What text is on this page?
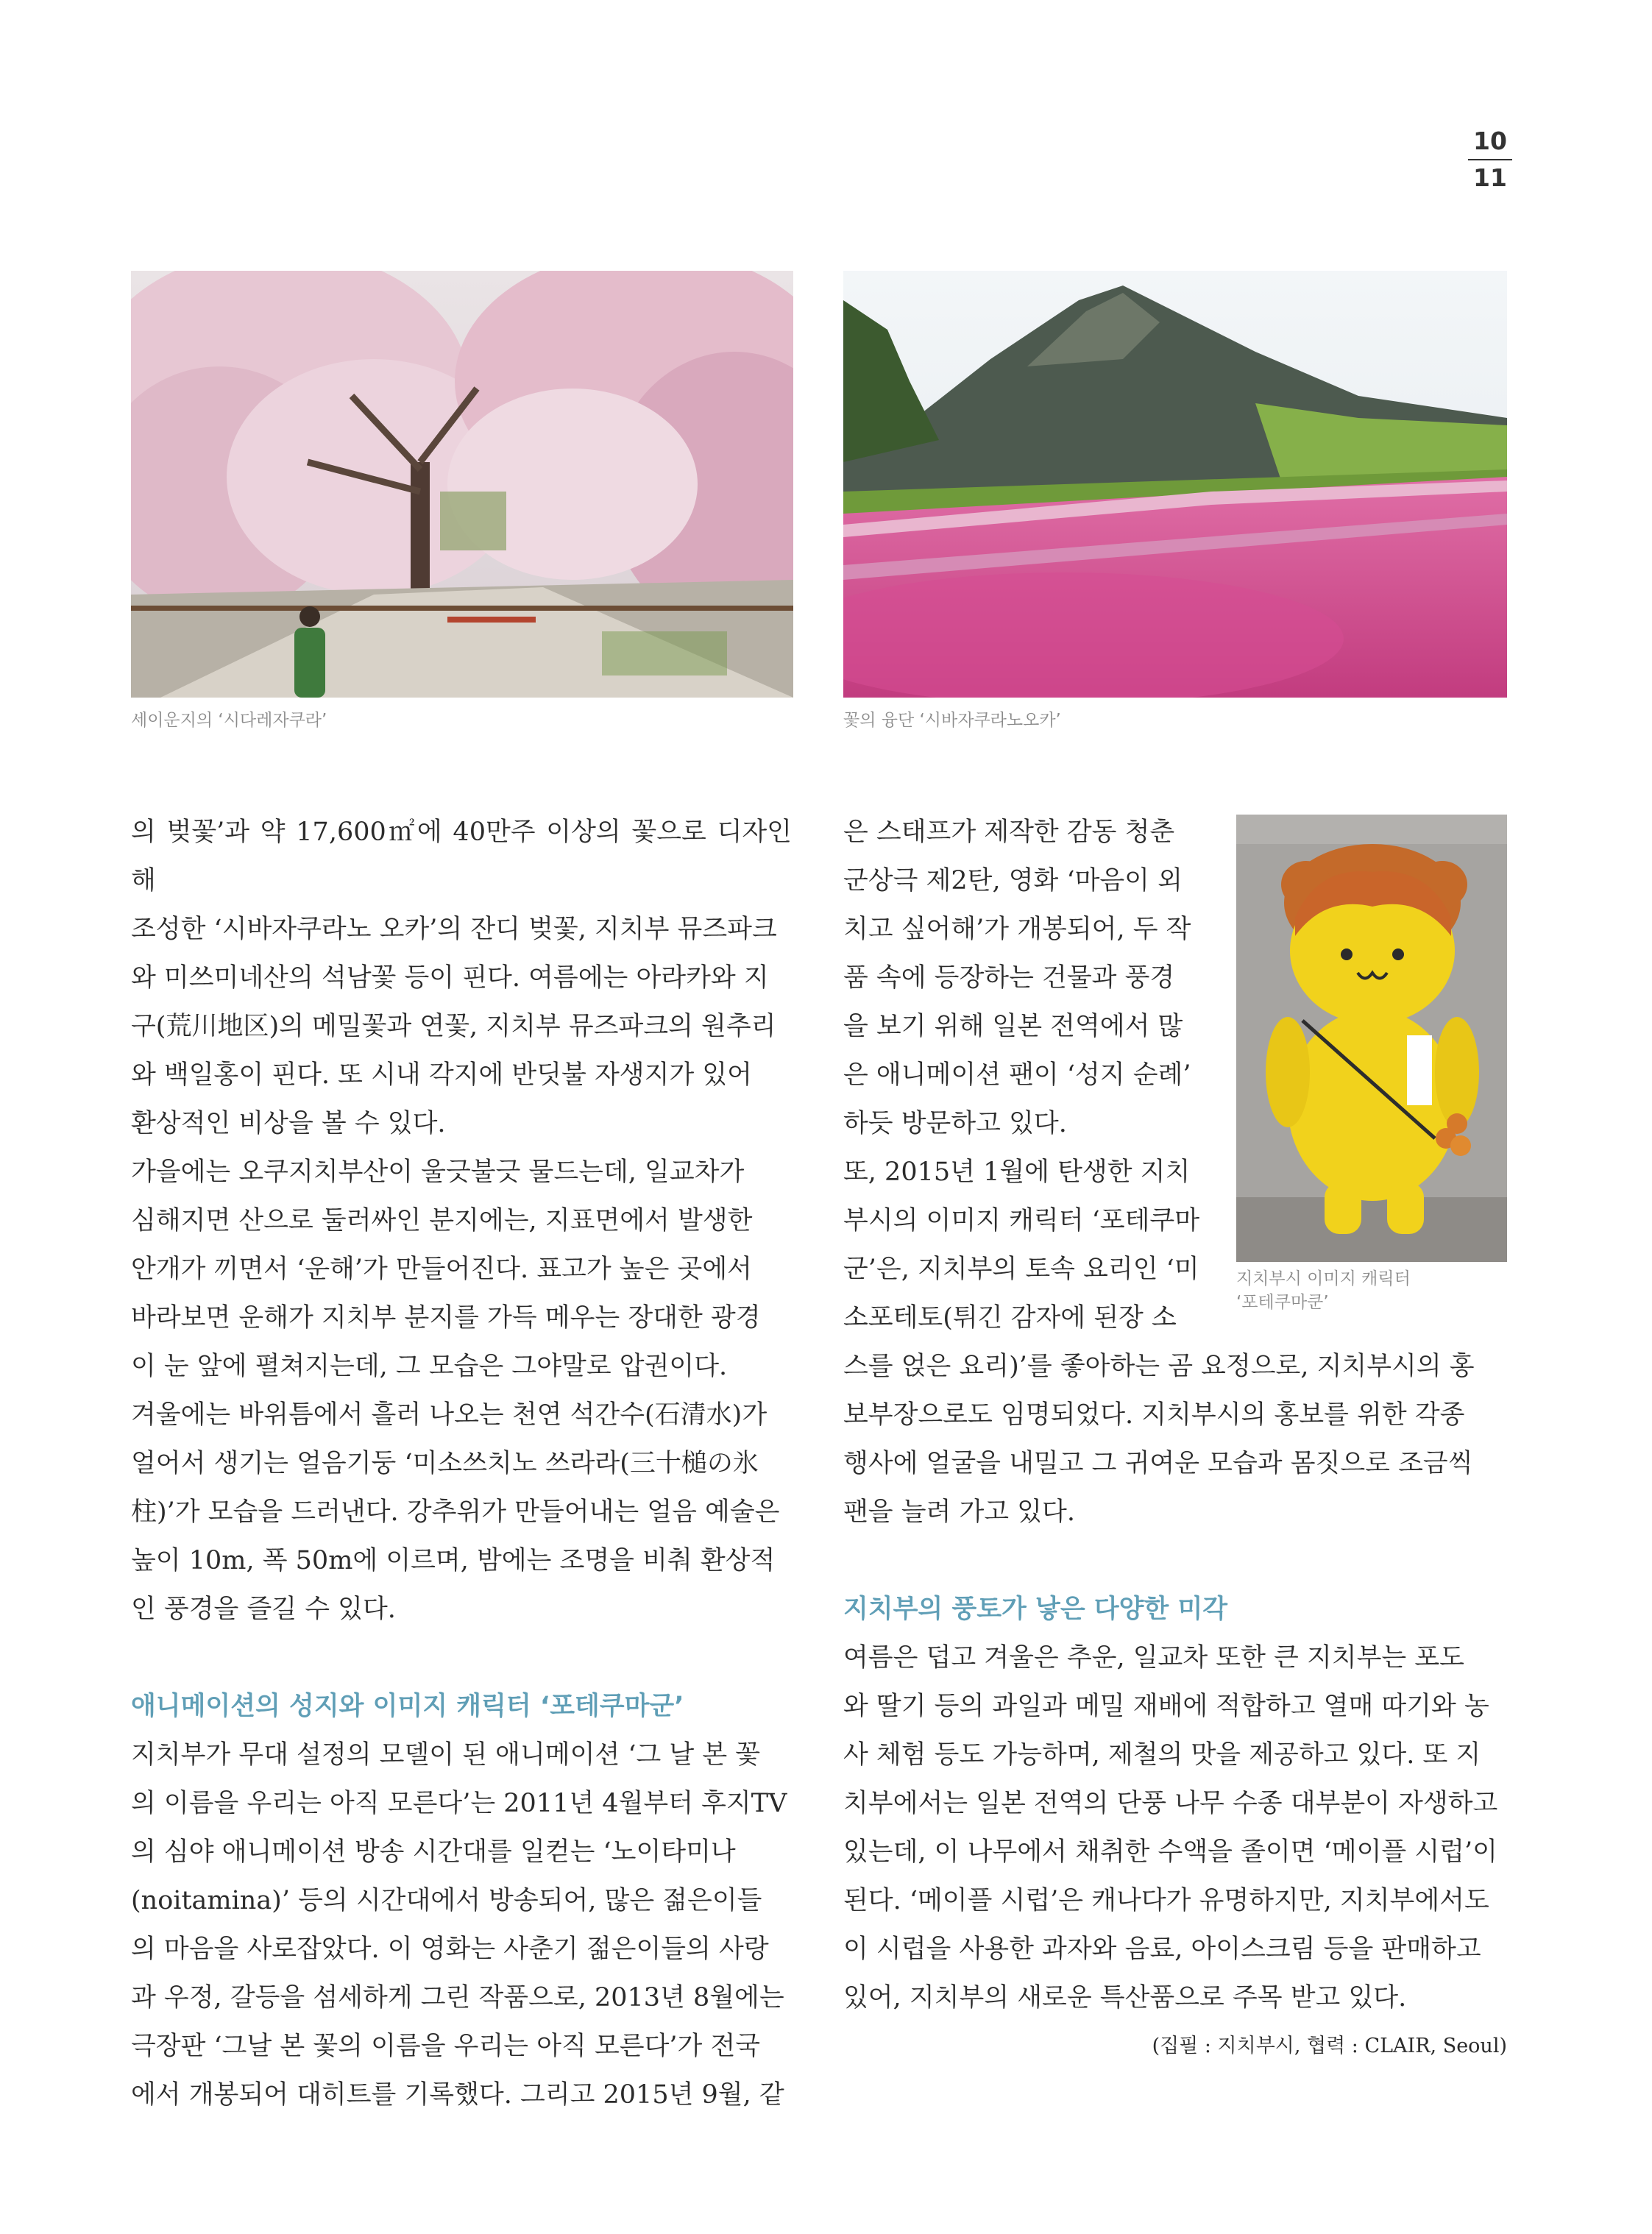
10
11
세이운지의 ‘시다레자쿠라’	꽃의 융단 ‘시바자쿠라노오카’
지치부시 이미지 캐릭터
‘포테쿠마쿤’

의 벚꽃’과 약 17,600㎡에 40만주 이상의 꽃으로 디자인해

조성한 ‘시바자쿠라노 오카’의 잔디 벚꽃, 지치부 뮤즈파크

와 미쓰미네산의 석남꽃 등이 핀다. 여름에는 아라카와 지

구(荒川地区)의 메밀꽃과 연꽃, 지치부 뮤즈파크의 원추리

와 백일홍이 핀다. 또 시내 각지에 반딧불 자생지가 있어

환상적인 비상을 볼 수 있다.

가을에는 오쿠지치부산이 울긋불긋 물드는데, 일교차가

심해지면 산으로 둘러싸인 분지에는, 지표면에서 발생한

안개가 끼면서 ‘운해’가 만들어진다. 표고가 높은 곳에서

바라보면 운해가 지치부 분지를 가득 메우는 장대한 광경

이 눈 앞에 펼쳐지는데, 그 모습은 그야말로 압권이다.

겨울에는 바위틈에서 흘러 나오는 천연 석간수(石清水)가

얼어서 생기는 얼음기둥 ‘미소쓰치노 쓰라라(三十槌の氷

柱)’가 모습을 드러낸다. 강추위가 만들어내는 얼음 예술은

높이 10m, 폭 50m에 이르며, 밤에는 조명을 비춰 환상적

인 풍경을 즐길 수 있다.

애니메이션의 성지와 이미지 캐릭터 ‘포테쿠마군’

지치부가 무대 설정의 모델이 된 애니메이션 ‘그 날 본 꽃

의 이름을 우리는 아직 모른다’는 2011년 4월부터 후지TV

의 심야 애니메이션 방송 시간대를 일컫는 ‘노이타미나

(noitamina)’ 등의 시간대에서 방송되어, 많은 젊은이들

의 마음을 사로잡았다. 이 영화는 사춘기 젊은이들의 사랑

과 우정, 갈등을 섬세하게 그린 작품으로, 2013년 8월에는

극장판 ‘그날 본 꽃의 이름을 우리는 아직 모른다’가 전국

에서 개봉되어 대히트를 기록했다. 그리고 2015년 9월, 같

은 스태프가 제작한 감동 청춘

군상극 제2탄, 영화 ‘마음이 외

치고 싶어해’가 개봉되어, 두 작

품 속에 등장하는 건물과 풍경

을 보기 위해 일본 전역에서 많

은 애니메이션 팬이 ‘성지 순례’

하듯 방문하고 있다.

또, 2015년 1월에 탄생한 지치

부시의 이미지 캐릭터 ‘포테쿠마

군’은, 지치부의 토속 요리인 ‘미

소포테토(튀긴 감자에 된장 소

스를 얹은 요리)’를 좋아하는 곰 요정으로, 지치부시의 홍

보부장으로도 임명되었다. 지치부시의 홍보를 위한 각종

행사에 얼굴을 내밀고 그 귀여운 모습과 몸짓으로 조금씩

팬을 늘려 가고 있다.

지치부의 풍토가 낳은 다양한 미각

여름은 덥고 겨울은 추운, 일교차 또한 큰 지치부는 포도

와 딸기 등의 과일과 메밀 재배에 적합하고 열매 따기와 농

사 체험 등도 가능하며, 제철의 맛을 제공하고 있다. 또 지

치부에서는 일본 전역의 단풍 나무 수종 대부분이 자생하고

있는데, 이 나무에서 채취한 수액을 졸이면 ‘메이플 시럽’이

된다. ‘메이플 시럽’은 캐나다가 유명하지만, 지치부에서도

이 시럽을 사용한 과자와 음료, 아이스크림 등을 판매하고

있어, 지치부의 새로운 특산품으로 주목 받고 있다.

(집필 : 지치부시, 협력 : CLAIR, Seoul)
